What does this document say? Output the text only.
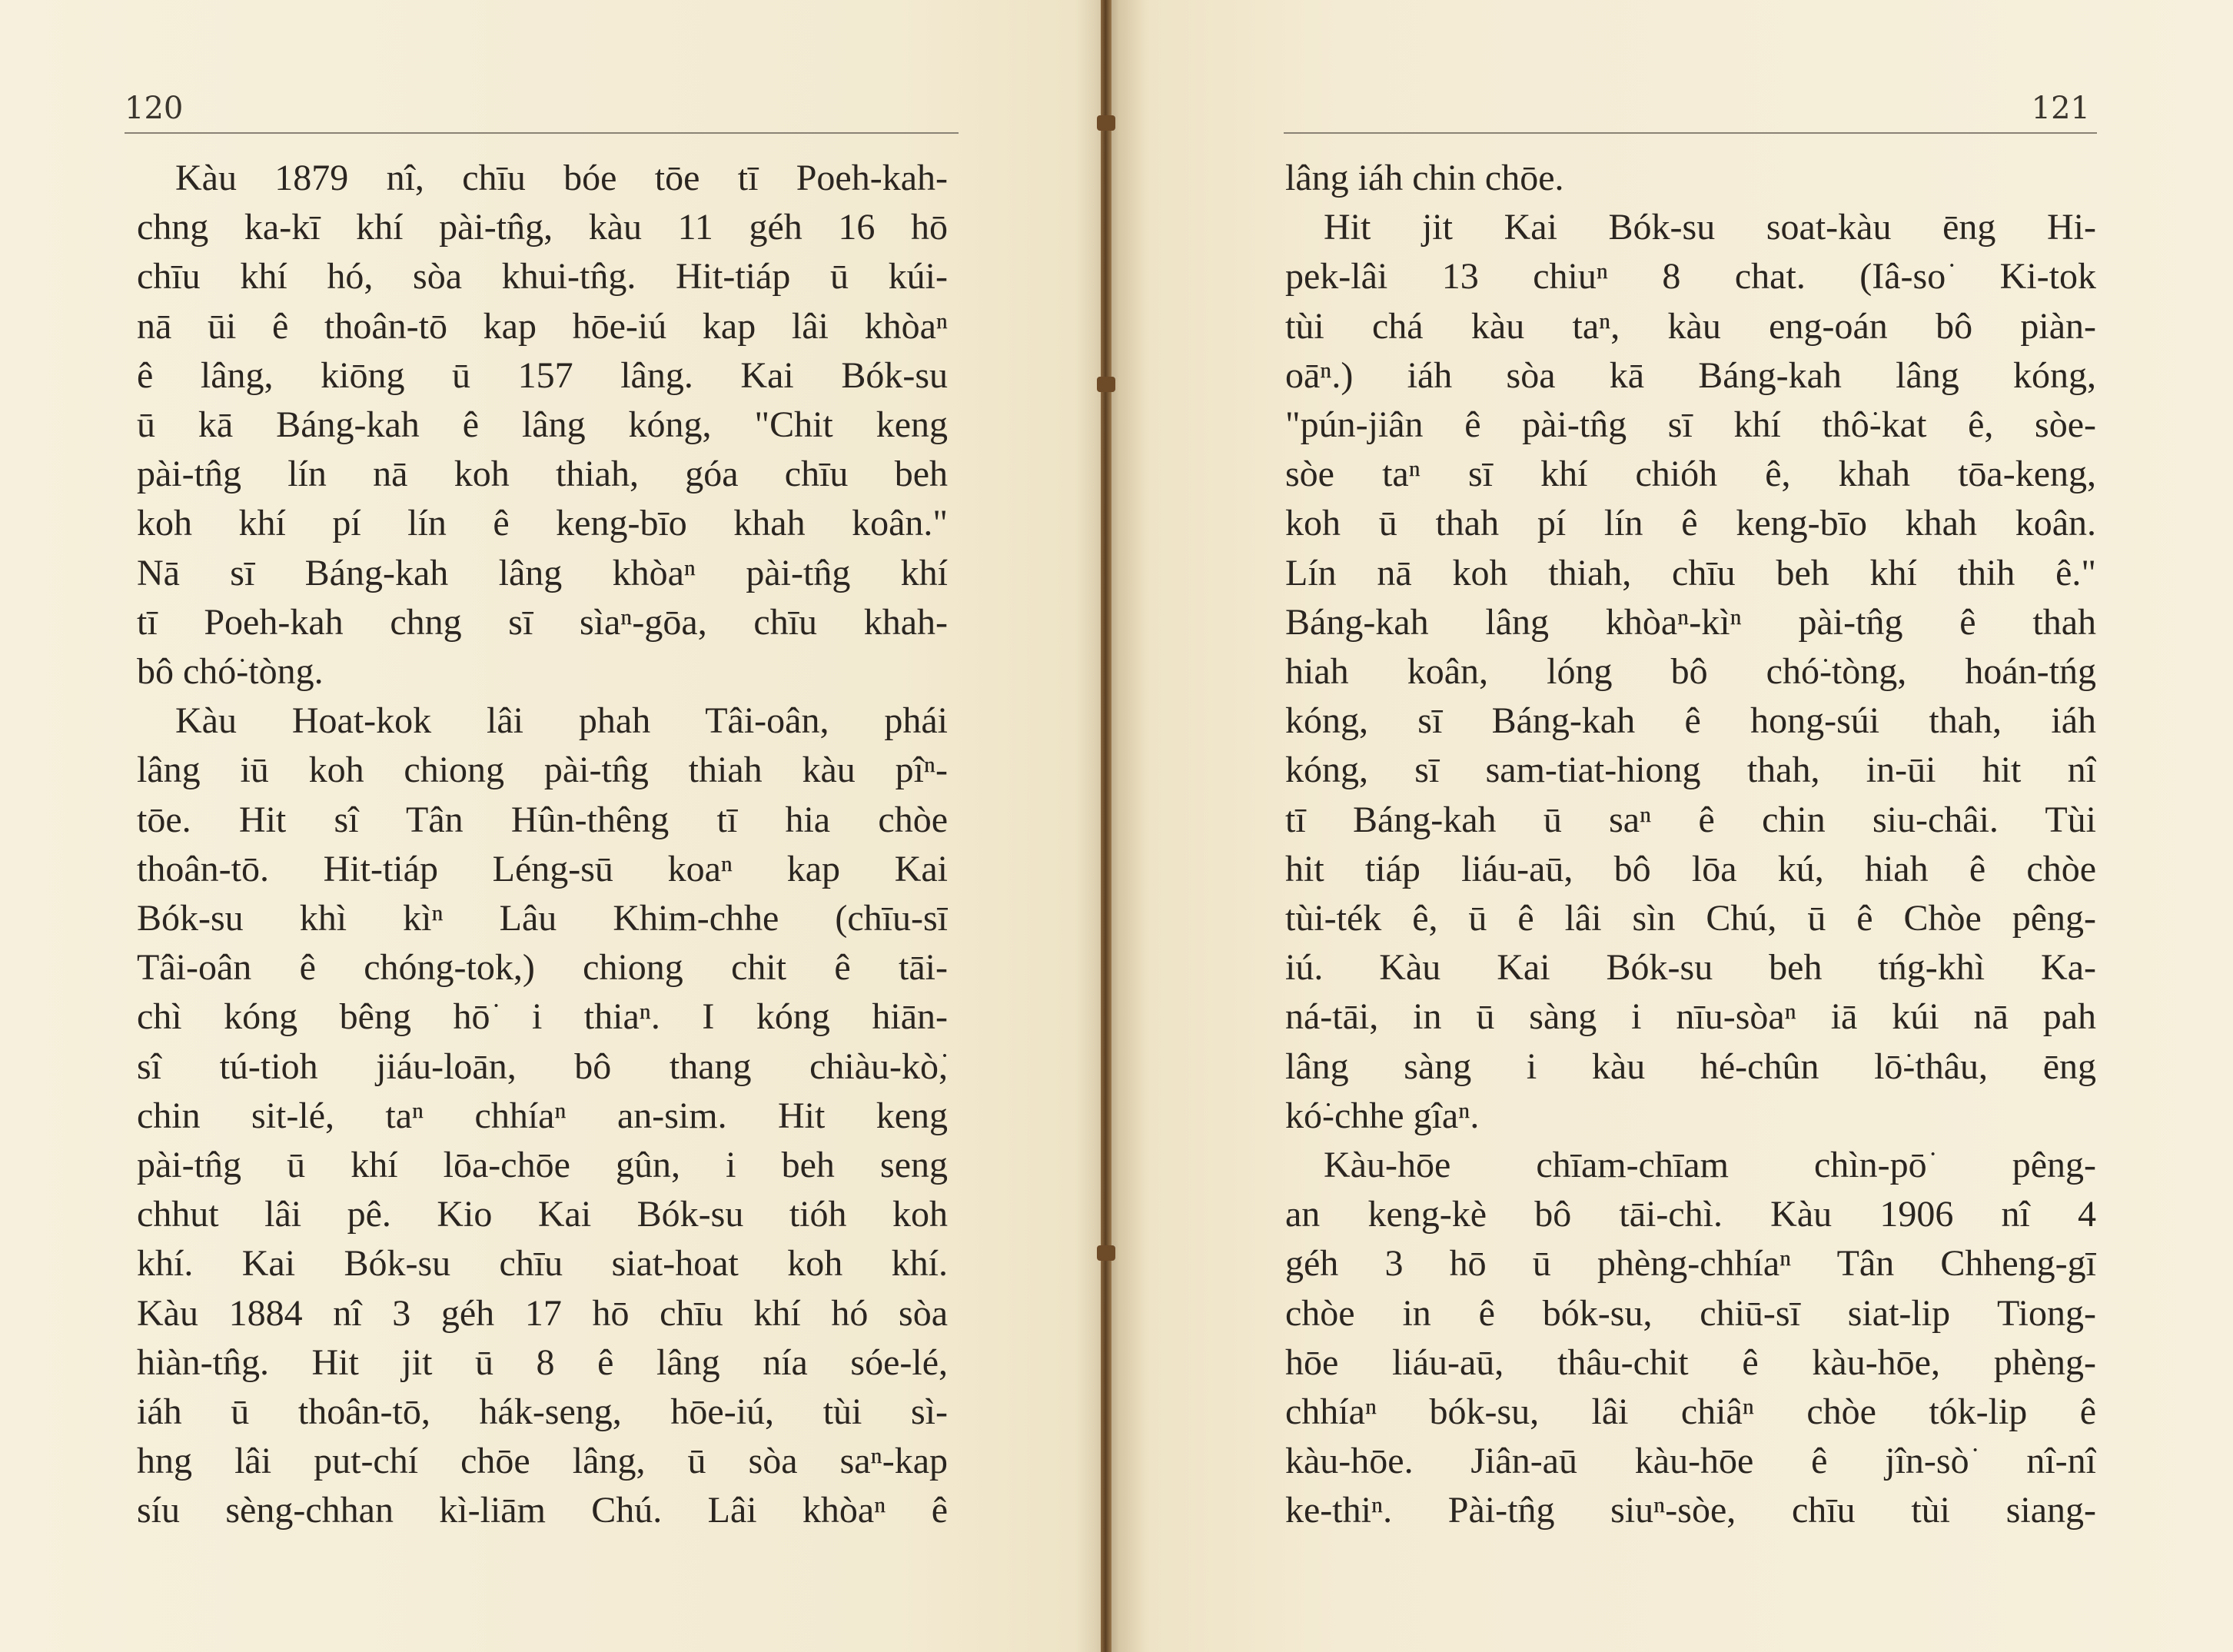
120
Kàu 1879 nî, chīu bóe tōe tī Poeh-kah-
chng ka-kī khí pài-tn̂g, kàu 11 géh 16 hō
chīu khí hó, sòa khui-tn̂g. Hit-tiáp ū kúi-
nā ūi ê thoân-tō kap hōe-iú kap lâi khòaⁿ
ê lâng, kiōng ū 157 lâng. Kai Bók-su
ū kā Báng-kah ê lâng kóng, "Chit keng
pài-tn̂g lín nā koh thiah, góa chīu beh
koh khí pí lín ê keng-bīo khah koân."
Nā sī Báng-kah lâng khòaⁿ pài-tn̂g khí
tī Poeh-kah chng sī sìaⁿ-gōa, chīu khah-
bô chó͘-tòng.
Kàu Hoat-kok lâi phah Tâi-oân, phái
lâng iū koh chiong pài-tn̂g thiah kàu pîⁿ-
tōe. Hit sî Tân Hûn-thêng tī hia chòe
thoân-tō. Hit-tiáp Léng-sū koaⁿ kap Kai
Bók-su khì kìⁿ Lâu Khim-chhe (chīu-sī
Tâi-oân ê chóng-tok,) chiong chit ê tāi-
chì kóng bêng hō͘ i thiaⁿ. I kóng hiān-
sî tú-tioh jiáu-loān, bô thang chiàu-kò͘,
chin sit-lé, taⁿ chhíaⁿ an-sim. Hit keng
pài-tn̂g ū khí lōa-chōe gûn, i beh seng
chhut lâi pê. Kio Kai Bók-su tióh koh
khí. Kai Bók-su chīu siat-hoat koh khí.
Kàu 1884 nî 3 géh 17 hō chīu khí hó sòa
hiàn-tn̂g. Hit jit ū 8 ê lâng nía sóe-lé,
iáh ū thoân-tō, hák-seng, hōe-iú, tùi sì-
hng lâi put-chí chōe lâng, ū sòa saⁿ-kap
síu sèng-chhan kì-liām Chú. Lâi khòaⁿ ê
121
lâng iáh chin chōe.
Hit jit Kai Bók-su soat-kàu ēng Hi-
pek-lâi 13 chiuⁿ 8 chat. (Iâ-so͘ Ki-tok
tùi chá kàu taⁿ, kàu eng-oán bô piàn-
oāⁿ.) iáh sòa kā Báng-kah lâng kóng,
"pún-jiân ê pài-tn̂g sī khí thô͘-kat ê, sòe-
sòe taⁿ sī khí chióh ê, khah tōa-keng,
koh ū thah pí lín ê keng-bīo khah koân.
Lín nā koh thiah, chīu beh khí thih ê."
Báng-kah lâng khòaⁿ-kìⁿ pài-tn̂g ê thah
hiah koân, lóng bô chó͘-tòng, hoán-tńg
kóng, sī Báng-kah ê hong-súi thah, iáh
kóng, sī sam-tiat-hiong thah, in-ūi hit nî
tī Báng-kah ū saⁿ ê chin siu-châi. Tùi
hit tiáp liáu-aū, bô lōa kú, hiah ê chòe
tùi-ték ê, ū ê lâi sìn Chú, ū ê Chòe pêng-
iú. Kàu Kai Bók-su beh tńg-khì Ka-
ná-tāi, in ū sàng i nīu-sòaⁿ iā kúi nā pah
lâng sàng i kàu hé-chûn lō͘-thâu, ēng
kó͘-chhe gîaⁿ.
Kàu-hōe chīam-chīam chìn-pō͘ pêng-
an keng-kè bô tāi-chì. Kàu 1906 nî 4
géh 3 hō ū phèng-chhíaⁿ Tân Chheng-gī
chòe in ê bók-su, chiū-sī siat-lip Tiong-
hōe liáu-aū, thâu-chit ê kàu-hōe, phèng-
chhíaⁿ bók-su, lâi chiâⁿ chòe tók-lip ê
kàu-hōe. Jiân-aū kàu-hōe ê jîn-sò͘ nî-nî
ke-thiⁿ. Pài-tn̂g siuⁿ-sòe, chīu tùi siang-
